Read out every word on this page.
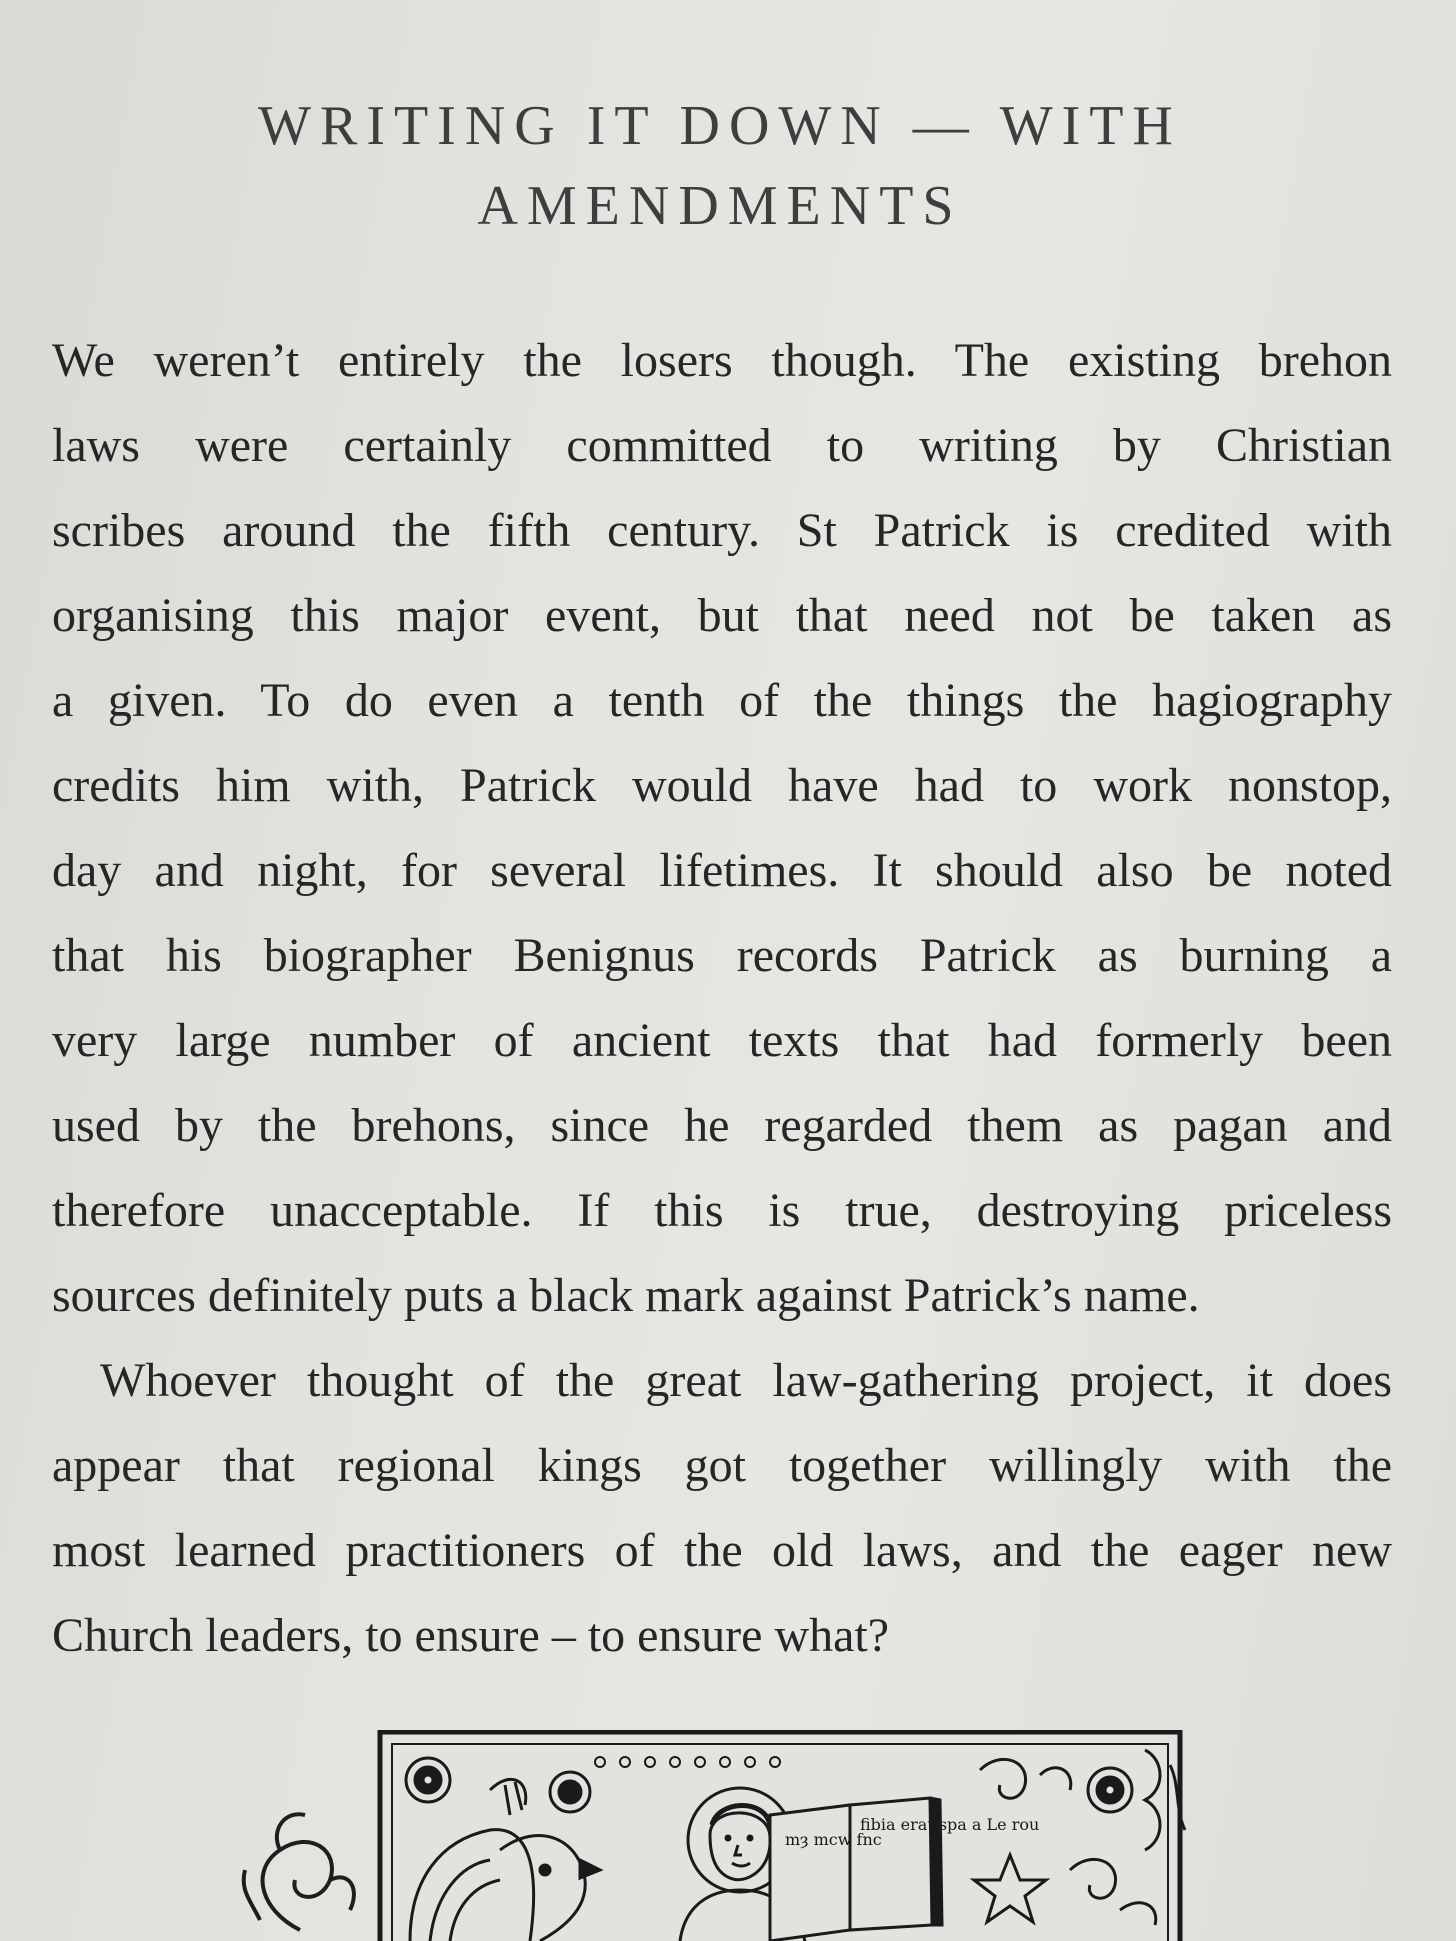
WRITING IT DOWN — WITH
AMENDMENTS

We weren’t entirely the losers though. The existing brehon
laws were certainly committed to writing by Christian
scribes around the fifth century. St Patrick is credited with
organising this major event, but that need not be taken as
a given. To do even a tenth of the things the hagiography
credits him with, Patrick would have had to work nonstop,
day and night, for several lifetimes. It should also be noted
that his biographer Benignus records Patrick as burning a
very large number of ancient texts that had formerly been
used by the brehons, since he regarded them as pagan and
therefore unacceptable. If this is true, destroying priceless
sources definitely puts a black mark against Patrick’s name.

Whoever thought of the great law-gathering project, it does
appear that regional kings got together willingly with the
most learned practitioners of the old laws, and the eager new
Church leaders, to ensure – to ensure what?

mȝ mcw fnc
fibia erat spa a Le rou
